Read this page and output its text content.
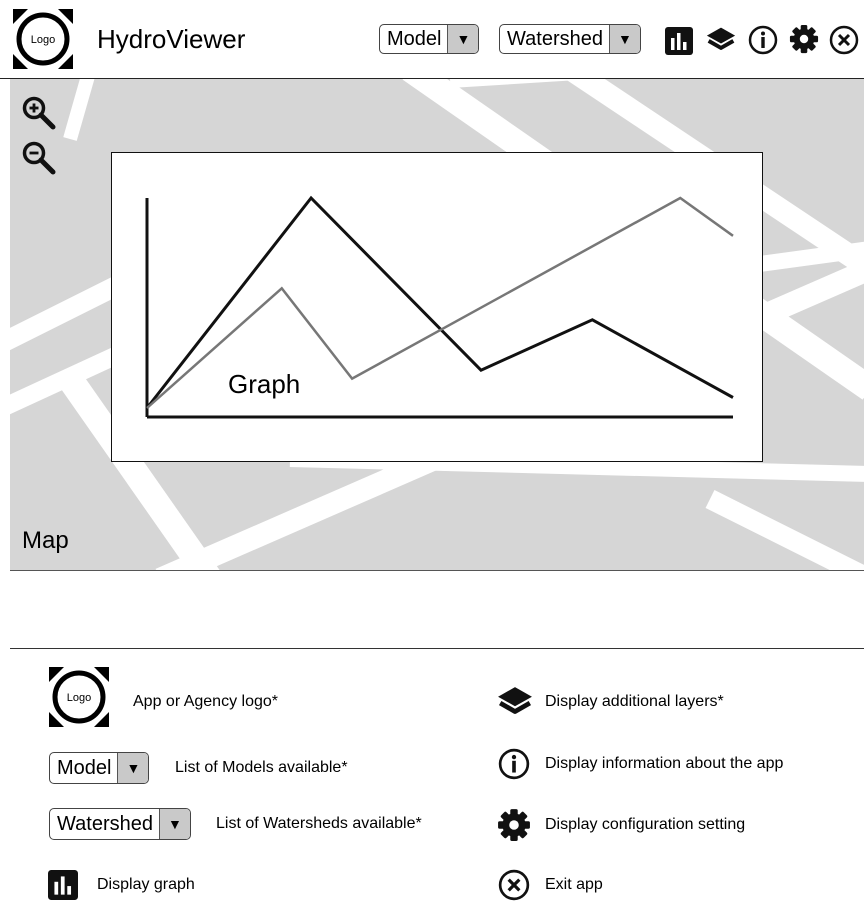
Logo HydroViewer	Model	▼	Watershed	▼
Graph
Map
Logo	App or Agency logo*
Model	▼	List of Models available*
Watershed	▼	List of Watersheds available*
Display graph
Display additional layers*
Display information about the app
Display configuration setting
Exit app
